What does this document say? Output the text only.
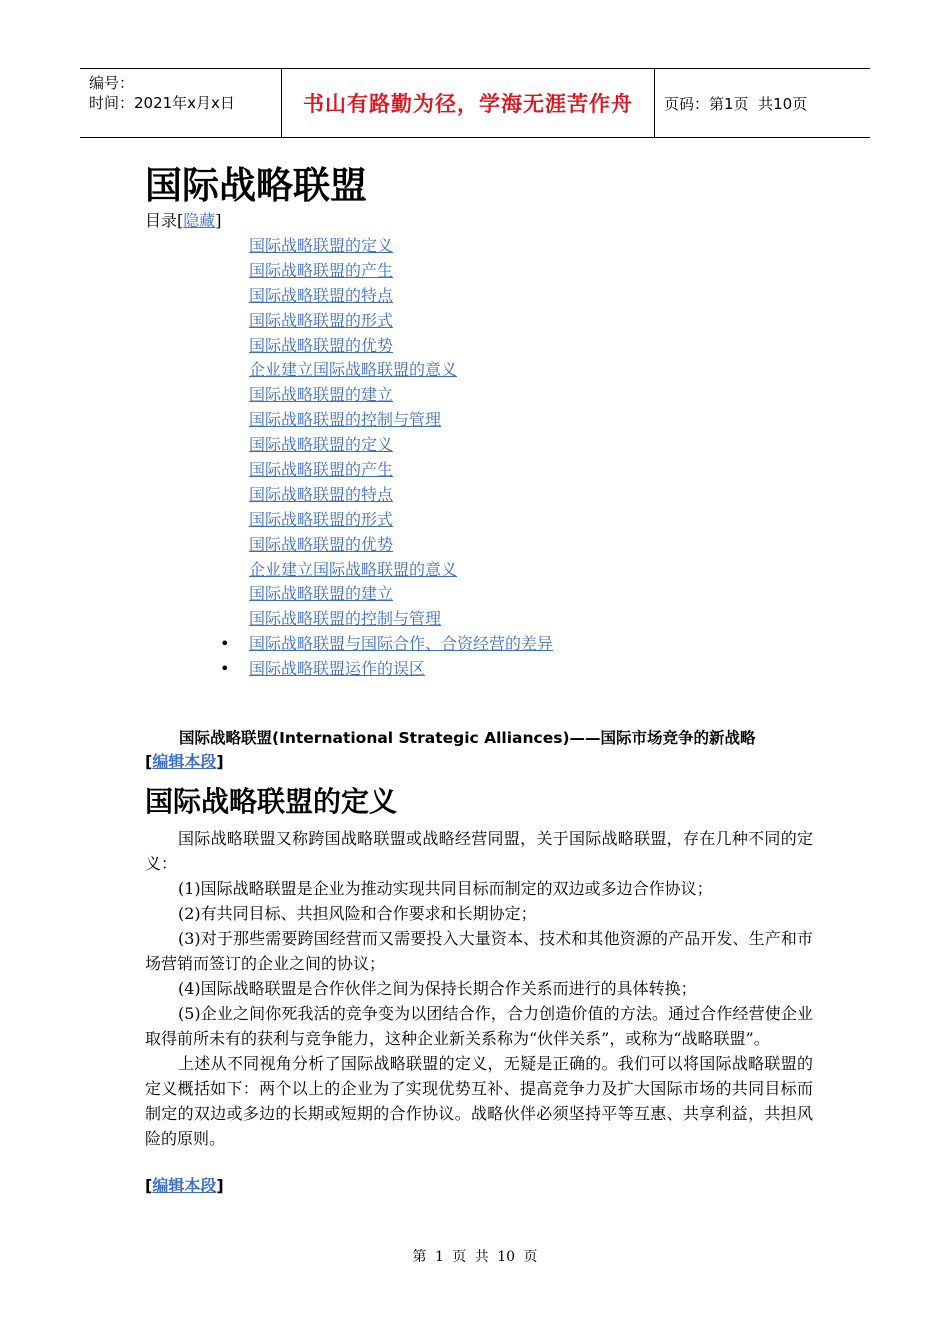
编号：
时间：2021年x月x日	书山有路勤为径，学海无涯苦作舟	页码：第1页  共10页
国际战略联盟
目录[隐藏]
国际战略联盟的定义
国际战略联盟的产生
国际战略联盟的特点
国际战略联盟的形式
国际战略联盟的优势
企业建立国际战略联盟的意义
国际战略联盟的建立
国际战略联盟的控制与管理
国际战略联盟的定义
国际战略联盟的产生
国际战略联盟的特点
国际战略联盟的形式
国际战略联盟的优势
企业建立国际战略联盟的意义
国际战略联盟的建立
国际战略联盟的控制与管理
• 国际战略联盟与国际合作、合资经营的差异
• 国际战略联盟运作的误区
国际战略联盟(International Strategic Alliances)——国际市场竞争的新战略
[编辑本段]
国际战略联盟的定义

国际战略联盟又称跨国战略联盟或战略经营同盟，关于国际战略联盟，存在几种不同的定义：

(1)国际战略联盟是企业为推动实现共同目标而制定的双边或多边合作协议；

(2)有共同目标、共担风险和合作要求和长期协定；

(3)对于那些需要跨国经营而又需要投入大量资本、技术和其他资源的产品开发、生产和市场营销而签订的企业之间的协议；

(4)国际战略联盟是合作伙伴之间为保持长期合作关系而进行的具体转换；

(5)企业之间你死我活的竞争变为以团结合作，合力创造价值的方法。通过合作经营使企业取得前所未有的获利与竞争能力，这种企业新关系称为“伙伴关系”，或称为“战略联盟”。

上述从不同视角分析了国际战略联盟的定义，无疑是正确的。我们可以将国际战略联盟的定义概括如下：两个以上的企业为了实现优势互补、提高竞争力及扩大国际市场的共同目标而制定的双边或多边的长期或短期的合作协议。战略伙伴必须坚持平等互惠、共享利益，共担风险的原则。

[编辑本段]
第 1 页 共 10 页
